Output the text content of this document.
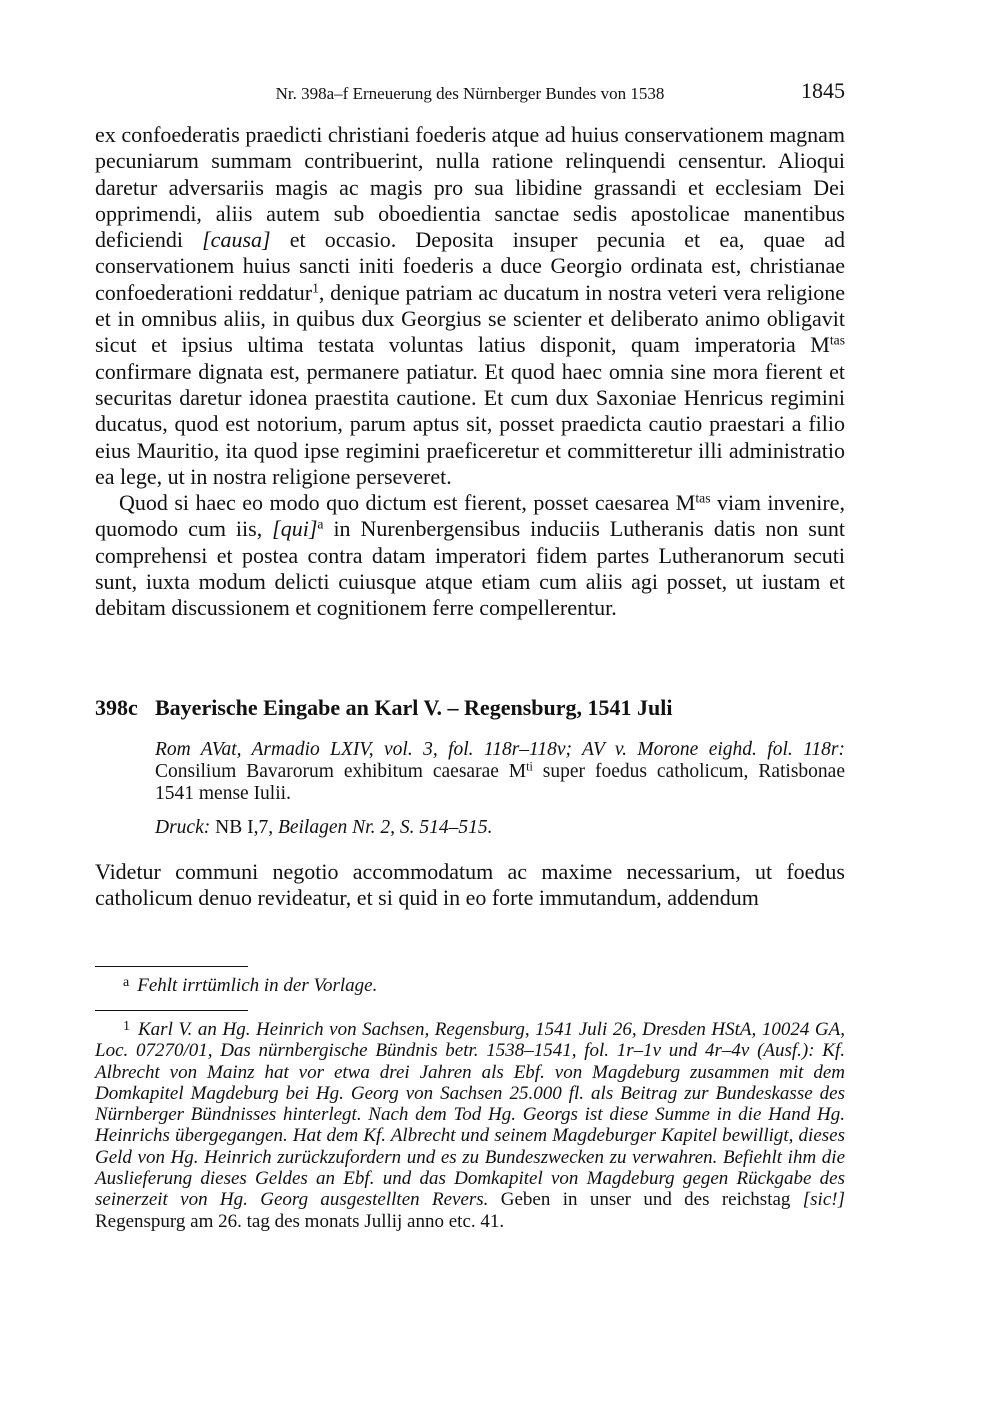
Nr. 398a–f Erneuerung des Nürnberger Bundes von 1538	1845

ex confoederatis praedicti christiani foederis atque ad huius conservationem magnam pecuniarum summam contribuerint, nulla ratione relinquendi censentur. Alioqui daretur adversariis magis ac magis pro sua libidine grassandi et ecclesiam Dei opprimendi, aliis autem sub oboedientia sanctae sedis apostolicae manentibus deficiendi [causa] et occasio. Deposita insuper pecunia et ea, quae ad conservationem huius sancti initi foederis a duce Georgio ordinata est, christianae confoederationi reddatur$^1$, denique patriam ac ducatum in nostra veteri vera religione et in omnibus aliis, in quibus dux Georgius se scienter et deliberato animo obligavit sicut et ipsius ultima testata voluntas latius disponit, quam imperatoria $M^{tas}$ confirmare dignata est, permanere patiatur. Et quod haec omnia sine mora fierent et securitas daretur idonea praestita cautione. Et cum dux Saxoniae Henricus regimini ducatus, quod est notorium, parum aptus sit, posset praedicta cautio praestari a filio eius Mauritio, ita quod ipse regimini praeficeretur et committeretur illi administratio ea lege, ut in nostra religione perseveret.

Quod si haec eo modo quo dictum est fierent, posset caesarea $M^{tas}$ viam invenire, quomodo cum iis, [qui]$^a$ in Nurenbergensibus induciis Lutheranis datis non sunt comprehensi et postea contra datam imperatori fidem partes Lutheranorum secuti sunt, iuxta modum delicti cuiusque atque etiam cum aliis agi posset, ut iustam et debitam discussionem et cognitionem ferre compellerentur.

398c Bayerische Eingabe an Karl V. – Regensburg, 1541 Juli
Rom AVat, Armadio LXIV, vol. 3, fol. 118r–118v; AV v. Morone eighd. fol. 118r: Consilium Bavarorum exhibitum caesarae $M^{ti}$ super foedus catholicum, Ratisbonae 1541 mense Iulii.
Druck: NB I,7, Beilagen Nr. 2, S. 514–515.
Videtur communi negotio accommodatum ac maxime necessarium, ut foedus catholicum denuo revideatur, et si quid in eo forte immutandum, addendum
$^a$ Fehlt irrtümlich in der Vorlage.
$^1$ Karl V. an Hg. Heinrich von Sachsen, Regensburg, 1541 Juli 26, Dresden HStA, 10024 GA, Loc. 07270/01, Das nürnbergische Bündnis betr. 1538–1541, fol. 1r–1v und 4r–4v (Ausf.): Kf. Albrecht von Mainz hat vor etwa drei Jahren als Ebf. von Magdeburg zusammen mit dem Domkapitel Magdeburg bei Hg. Georg von Sachsen 25.000 fl. als Beitrag zur Bundeskasse des Nürnberger Bündnisses hinterlegt. Nach dem Tod Hg. Georgs ist diese Summe in die Hand Hg. Heinrichs übergegangen. Hat dem Kf. Albrecht und seinem Magdeburger Kapitel bewilligt, dieses Geld von Hg. Heinrich zurückzufordern und es zu Bundeszwecken zu verwahren. Befiehlt ihm die Auslieferung dieses Geldes an Ebf. und das Domkapitel von Magdeburg gegen Rückgabe des seinerzeit von Hg. Georg ausgestellten Revers. Geben in unser und des reichstag [sic!] Regenspurg am 26. tag des monats Jullij anno etc. 41.
